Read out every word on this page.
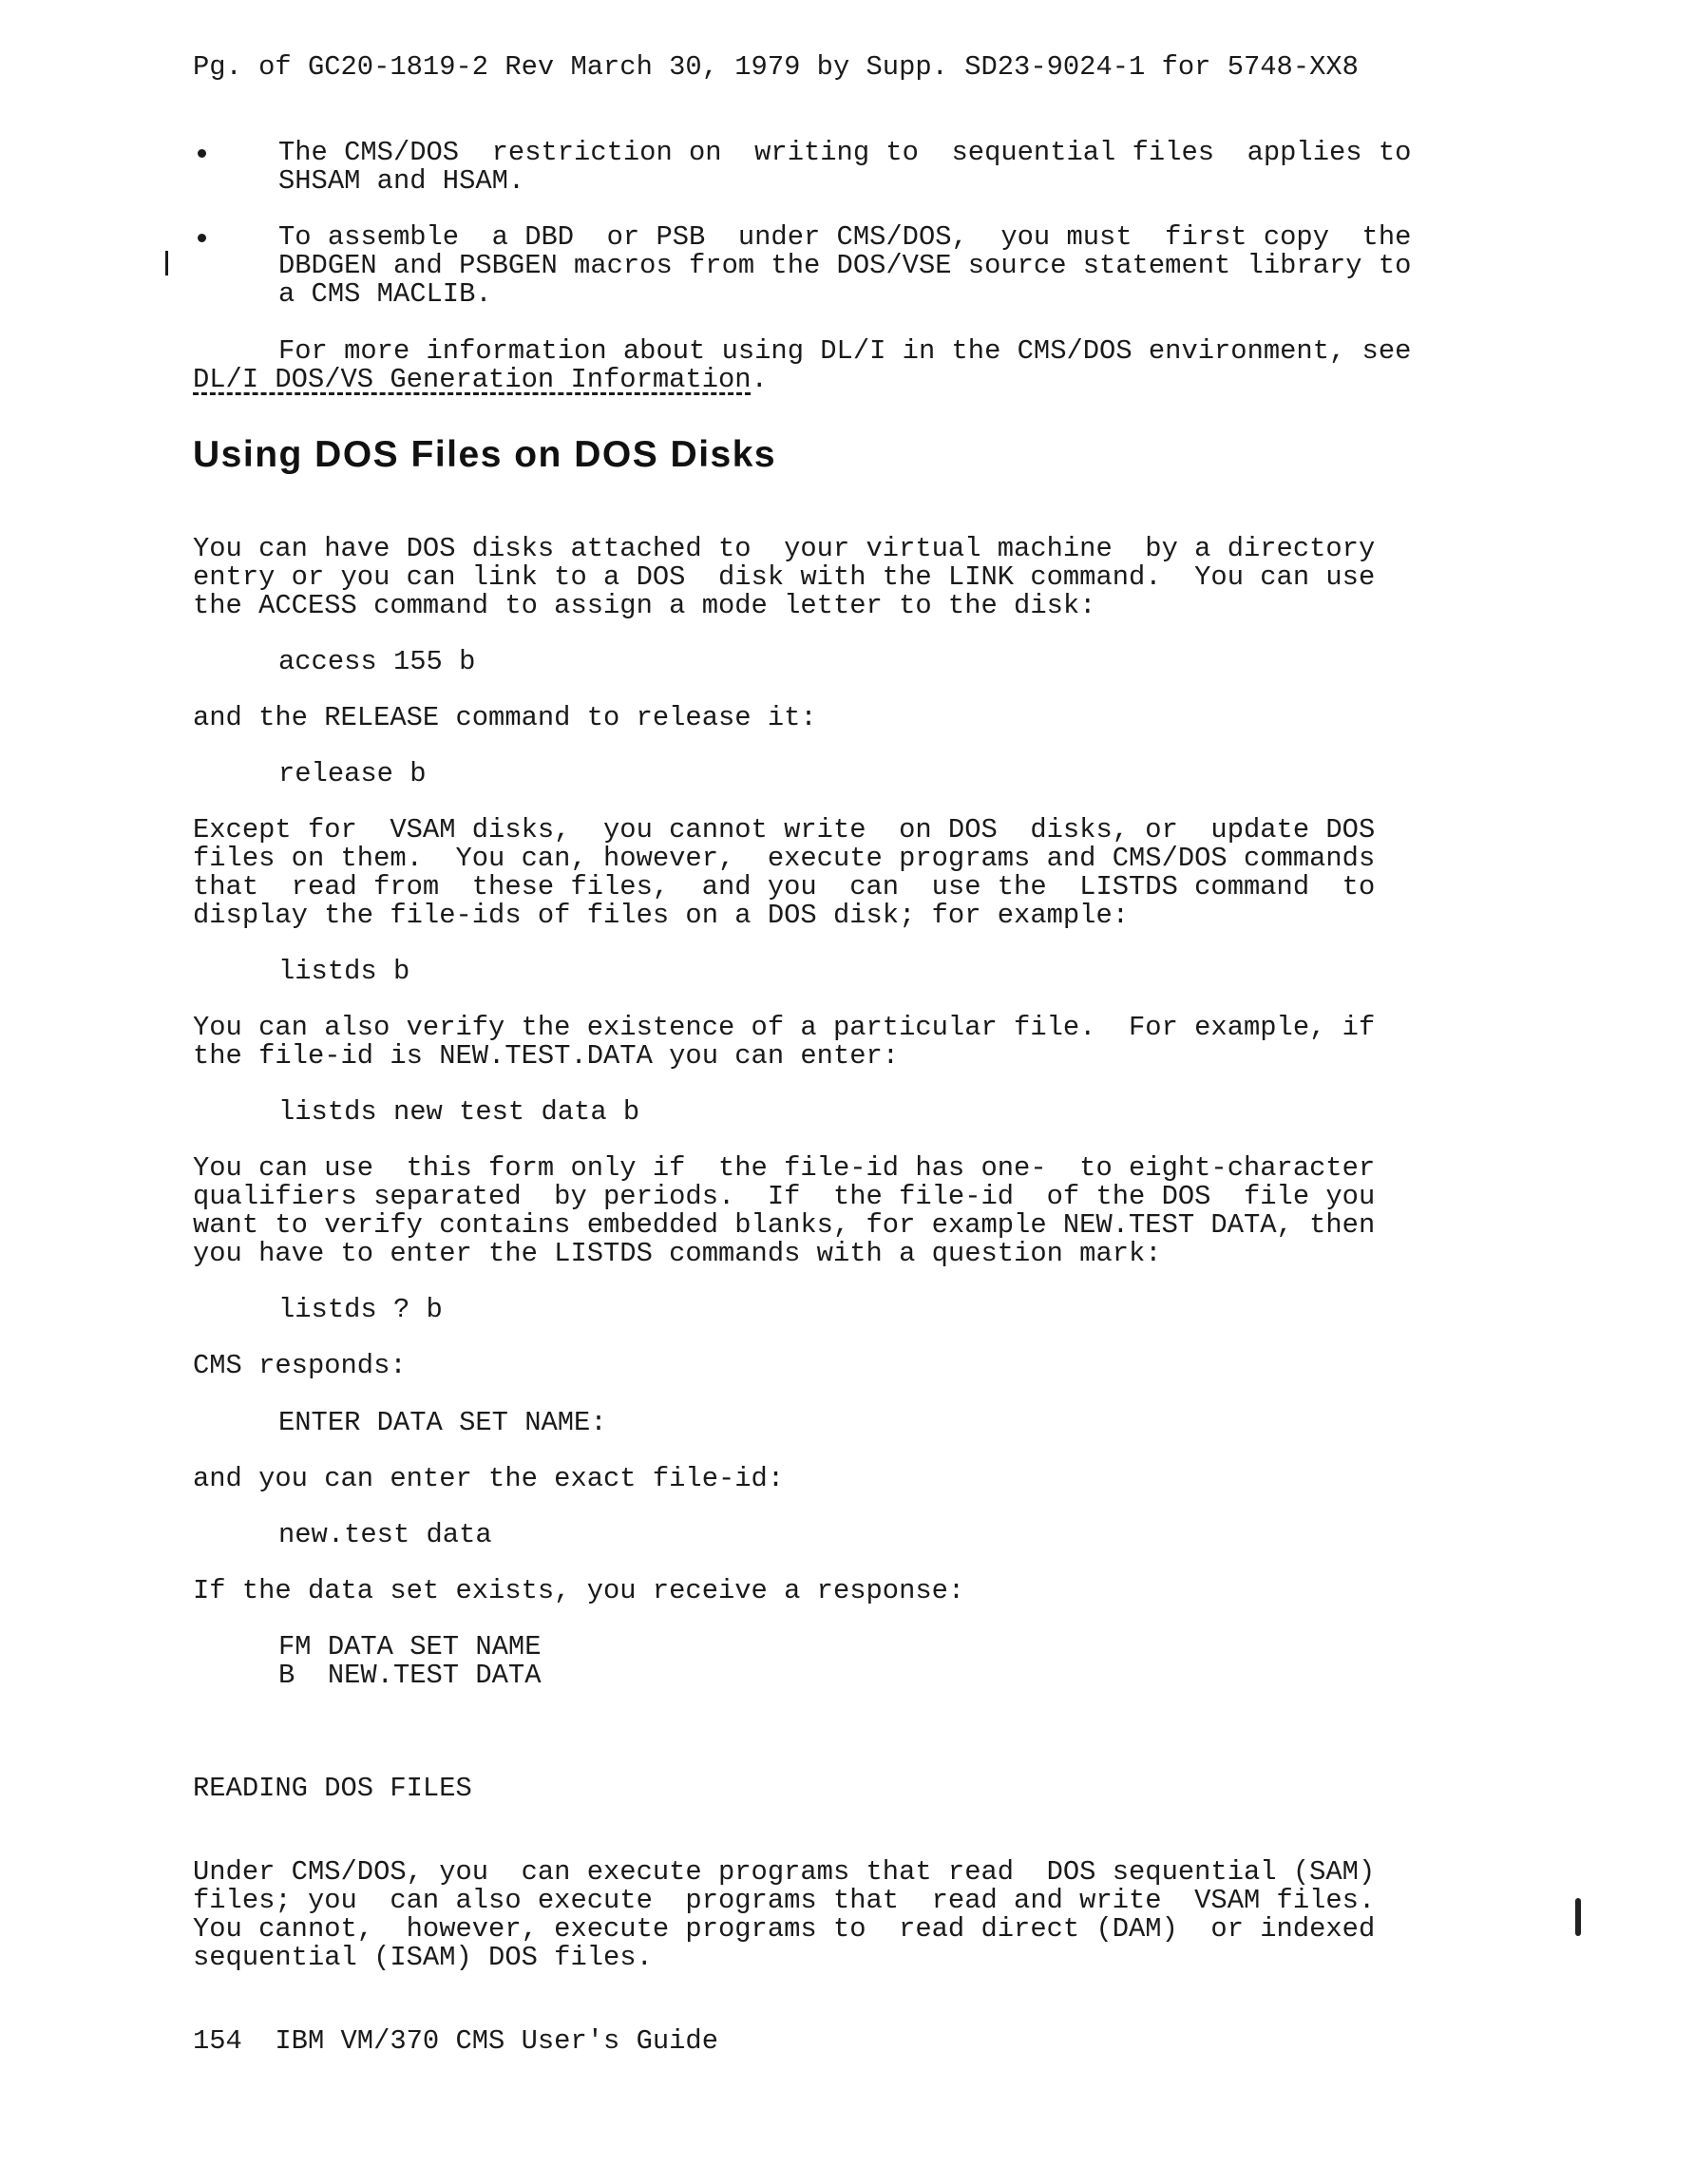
Pg. of GC20-1819-2 Rev March 30, 1979 by Supp. SD23-9024-1 for 5748-XX8
The CMS/DOS  restriction on  writing to  sequential files  applies to
SHSAM and HSAM.
To assemble  a DBD  or PSB  under CMS/DOS,  you must  first copy  the
DBDGEN and PSBGEN macros from the DOS/VSE source statement library to
a CMS MACLIB.
For more information about using DL/I in the CMS/DOS environment, see
DL/I DOS/VS Generation Information.
Using DOS Files on DOS Disks
You can have DOS disks attached to  your virtual machine  by a directory
entry or you can link to a DOS  disk with the LINK command.  You can use
the ACCESS command to assign a mode letter to the disk:
access 155 b
and the RELEASE command to release it:
release b
Except for  VSAM disks,  you cannot write  on DOS  disks, or  update DOS
files on them.  You can, however,  execute programs and CMS/DOS commands
that  read from  these files,  and you  can  use the  LISTDS command  to
display the file-ids of files on a DOS disk; for example:
listds b
You can also verify the existence of a particular file.  For example, if
the file-id is NEW.TEST.DATA you can enter:
listds new test data b
You can use  this form only if  the file-id has one-  to eight-character
qualifiers separated  by periods.  If  the file-id  of the DOS  file you
want to verify contains embedded blanks, for example NEW.TEST DATA, then
you have to enter the LISTDS commands with a question mark:
listds ? b
CMS responds:
ENTER DATA SET NAME:
and you can enter the exact file-id:
new.test data
If the data set exists, you receive a response:
FM DATA SET NAME
B  NEW.TEST DATA
READING DOS FILES
Under CMS/DOS, you  can execute programs that read  DOS sequential (SAM)
files; you  can also execute  programs that  read and write  VSAM files.
You cannot,  however, execute programs to  read direct (DAM)  or indexed
sequential (ISAM) DOS files.
154  IBM VM/370 CMS User's Guide
